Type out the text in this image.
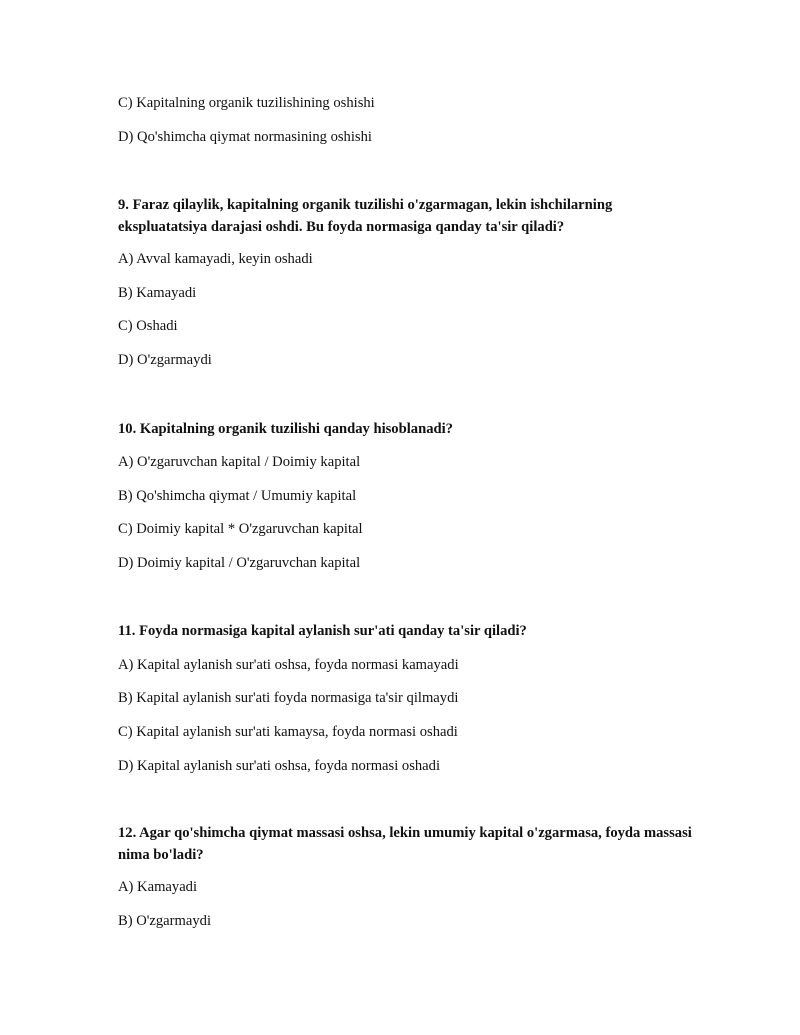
C) Kapitalning organik tuzilishining oshishi
D) Qo'shimcha qiymat normasining oshishi
9. Faraz qilaylik, kapitalning organik tuzilishi o'zgarmagan, lekin ishchilarning ekspluatatsiya darajasi oshdi. Bu foyda normasiga qanday ta'sir qiladi?
A) Avval kamayadi, keyin oshadi
B) Kamayadi
C) Oshadi
D) O'zgarmaydi
10. Kapitalning organik tuzilishi qanday hisoblanadi?
A) O'zgaruvchan kapital / Doimiy kapital
B) Qo'shimcha qiymat / Umumiy kapital
C) Doimiy kapital * O'zgaruvchan kapital
D) Doimiy kapital / O'zgaruvchan kapital
11. Foyda normasiga kapital aylanish sur'ati qanday ta'sir qiladi?
A) Kapital aylanish sur'ati oshsa, foyda normasi kamayadi
B) Kapital aylanish sur'ati foyda normasiga ta'sir qilmaydi
C) Kapital aylanish sur'ati kamaysa, foyda normasi oshadi
D) Kapital aylanish sur'ati oshsa, foyda normasi oshadi
12. Agar qo'shimcha qiymat massasi oshsa, lekin umumiy kapital o'zgarmasa, foyda massasi nima bo'ladi?
A) Kamayadi
B) O'zgarmaydi
